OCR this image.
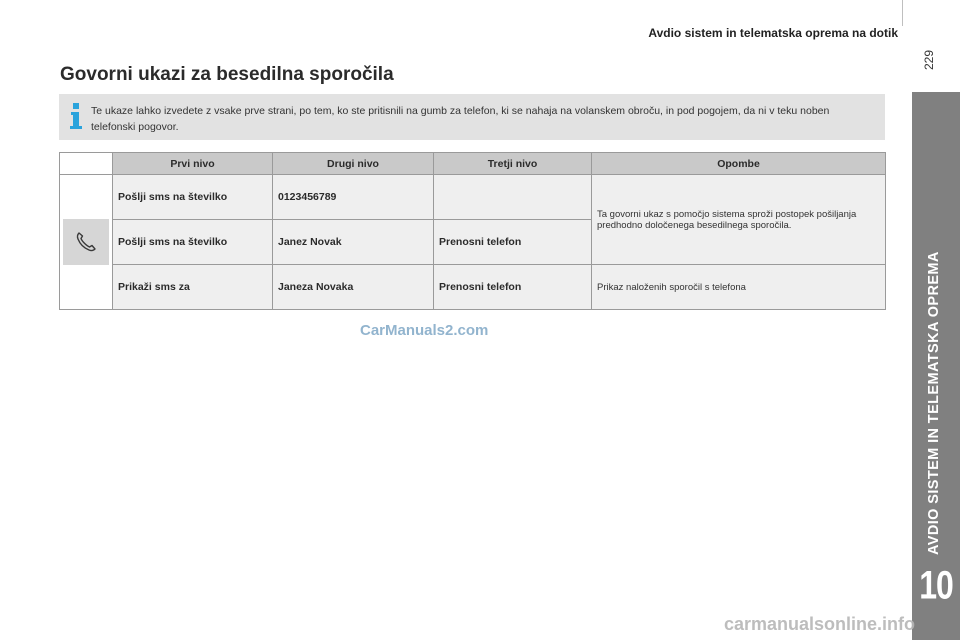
Avdio sistem in telematska oprema na dotik
229
AVDIO SISTEM IN TELEMATSKA OPREMA
10
Govorni ukazi za besedilna sporočila
Te ukaze lahko izvedete z vsake prve strani, po tem, ko ste pritisnili na gumb za telefon, ki se nahaja na volanskem obroču, in pod pogojem, da ni v teku noben telefonski pogovor.
	Prvi nivo	Drugi nivo	Tretji nivo	Opombe

	Pošlji sms na številko	0123456789		Ta govorni ukaz s pomočjo sistema sproži postopek pošiljanja predhodno določenega besedilnega sporočila.
	Pošlji sms na številko	Janez Novak	Prenosni telefon	
	Prikaži sms za	Janeza Novaka	Prenosni telefon	Prikaz naloženih sporočil s telefona
CarManuals2.com
carmanualsonline.info
